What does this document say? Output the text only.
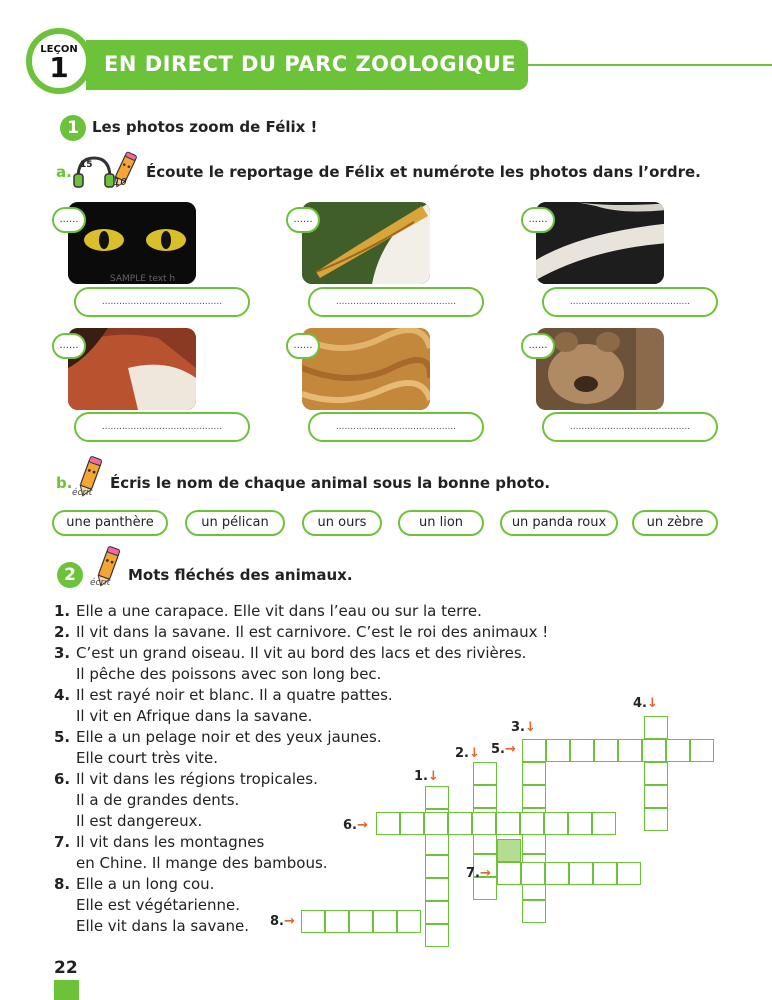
EN DIRECT DU PARC ZOOLOGIQUE
LEÇON
1
1 Les photos zoom de Félix !
a. 15
10
Écoute le reportage de Félix et numérote les photos dans l’ordre.
SAMPLE text h
......	......	......
..........................................	..........................................	..........................................
......	......	......
..........................................	..........................................	..........................................
b.
écrit
Écris le nom de chaque animal sous la bonne photo.
une panthère	un pélican	un ours	un lion	un panda roux	un zèbre
2	écrit Mots fléchés des animaux.
1. Elle a une carapace. Elle vit dans l’eau ou sur la terre.
2. Il vit dans la savane. Il est carnivore. C’est le roi des animaux !
3. C’est un grand oiseau. Il vit au bord des lacs et des rivières.
Il pêche des poissons avec son long bec.
4. Il est rayé noir et blanc. Il a quatre pattes.
Il vit en Afrique dans la savane.
5. Elle a un pelage noir et des yeux jaunes.
Elle court très vite.
6. Il vit dans les régions tropicales.
Il a de grandes dents.
Il est dangereux.
7. Il vit dans les montagnes
en Chine. Il mange des bambous.
8. Elle a un long cou.
Elle est végétarienne.
Elle vit dans la savane.
4.↓
3.↓
5.→
2.↓
1.↓
6.→
7.→
8.→
22
